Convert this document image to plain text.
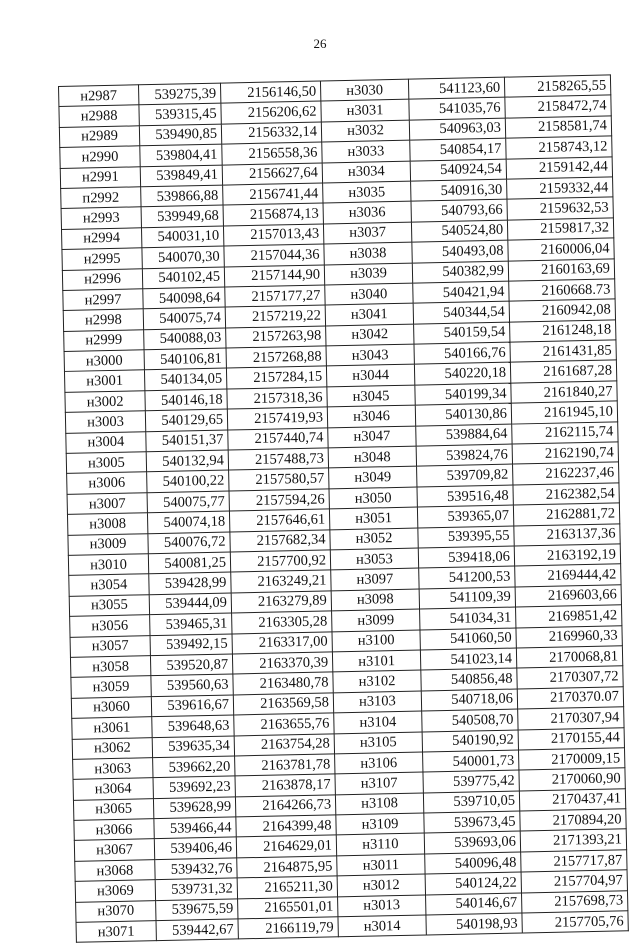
26
н2987	539275,39	2156146,50	н3030	541123,60	2158265,55
н2988	539315,45	2156206,62	н3031	541035,76	2158472,74
н2989	539490,85	2156332,14	н3032	540963,03	2158581,74
н2990	539804,41	2156558,36	н3033	540854,17	2158743,12
н2991	539849,41	2156627,64	н3034	540924,54	2159142,44
п2992	539866,88	2156741,44	н3035	540916,30	2159332,44
н2993	539949,68	2156874,13	н3036	540793,66	2159632,53
н2994	540031,10	2157013,43	н3037	540524,80	2159817,32
н2995	540070,30	2157044,36	н3038	540493,08	2160006,04
н2996	540102,45	2157144,90	н3039	540382,99	2160163,69
н2997	540098,64	2157177,27	н3040	540421,94	2160668.73
н2998	540075,74	2157219,22	н3041	540344,54	2160942,08
н2999	540088,03	2157263,98	н3042	540159,54	2161248,18
н3000	540106,81	2157268,88	н3043	540166,76	2161431,85
н3001	540134,05	2157284,15	н3044	540220,18	2161687,28
н3002	540146,18	2157318,36	н3045	540199,34	2161840,27
н3003	540129,65	2157419,93	н3046	540130,86	2161945,10
н3004	540151,37	2157440,74	н3047	539884,64	2162115,74
н3005	540132,94	2157488,73	н3048	539824,76	2162190,74
н3006	540100,22	2157580,57	н3049	539709,82	2162237,46
н3007	540075,77	2157594,26	н3050	539516,48	2162382,54
н3008	540074,18	2157646,61	н3051	539365,07	2162881,72
н3009	540076,72	2157682,34	н3052	539395,55	2163137,36
н3010	540081,25	2157700,92	н3053	539418,06	2163192,19
н3054	539428,99	2163249,21	н3097	541200,53	2169444,42
н3055	539444,09	2163279,89	н3098	541109,39	2169603,66
н3056	539465,31	2163305,28	н3099	541034,31	2169851,42
н3057	539492,15	2163317,00	н3100	541060,50	2169960,33
н3058	539520,87	2163370,39	н3101	541023,14	2170068,81
н3059	539560,63	2163480,78	н3102	540856,48	2170307,72
н3060	539616,67	2163569,58	н3103	540718,06	2170370.07
н3061	539648,63	2163655,76	н3104	540508,70	2170307,94
н3062	539635,34	2163754,28	н3105	540190,92	2170155,44
н3063	539662,20	2163781,78	н3106	540001,73	2170009,15
н3064	539692,23	2163878,17	н3107	539775,42	2170060,90
н3065	539628,99	2164266,73	н3108	539710,05	2170437,41
н3066	539466,44	2164399,48	н3109	539673,45	2170894,20
н3067	539406,46	2164629,01	н3110	539693,06	2171393,21
н3068	539432,76	2164875,95	н3011	540096,48	2157717,87
н3069	539731,32	2165211,30	н3012	540124,22	2157704,97
н3070	539675,59	2165501,01	н3013	540146,67	2157698,73
н3071	539442,67	2166119,79	н3014	540198,93	2157705,76
